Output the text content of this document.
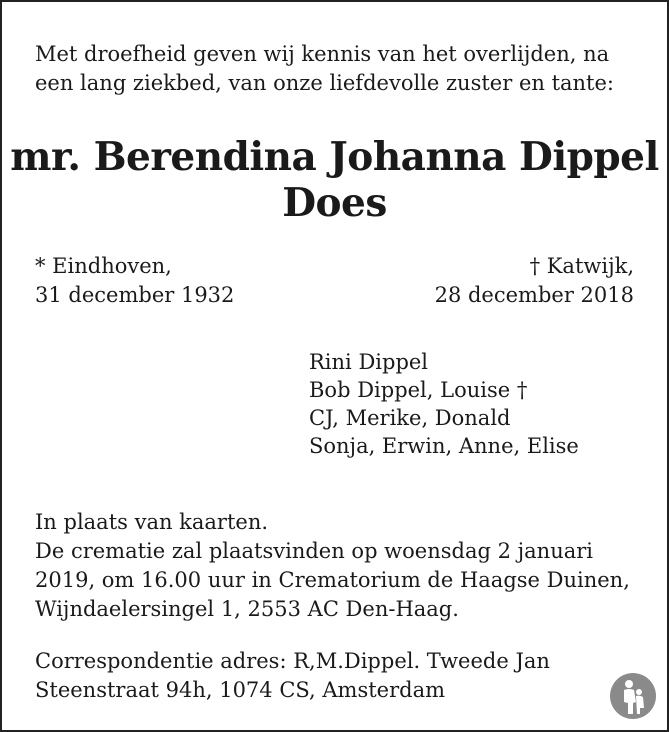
Met droefheid geven wij kennis van het overlijden, na
een lang ziekbed, van onze liefdevolle zuster en tante:
mr. Berendina Johanna Dippel
Does
* Eindhoven,
31 december 1932
† Katwijk,
28 december 2018
Rini Dippel
Bob Dippel, Louise †
CJ, Merike, Donald
Sonja, Erwin, Anne, Elise
In plaats van kaarten.
De crematie zal plaatsvinden op woensdag 2 januari
2019, om 16.00 uur in Crematorium de Haagse Duinen,
Wijndaelersingel 1, 2553 AC Den-Haag.
Correspondentie adres: R,M.Dippel. Tweede Jan
Steenstraat 94h, 1074 CS, Amsterdam
